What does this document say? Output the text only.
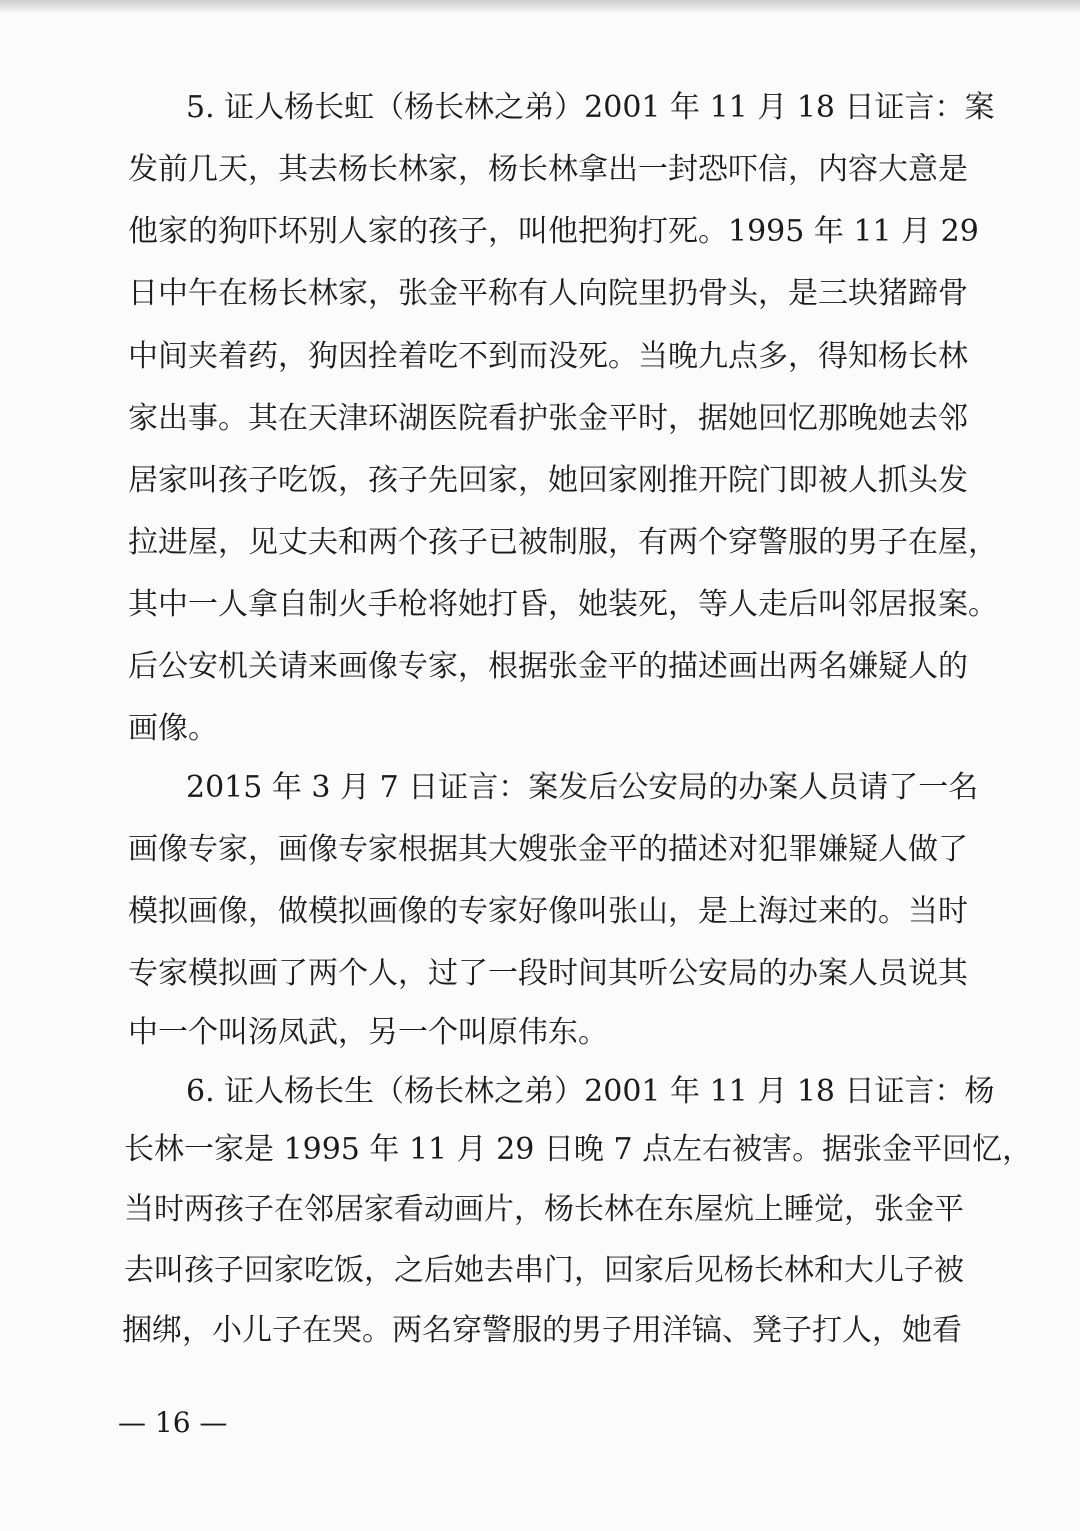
5. 证人杨长虹（杨长林之弟）2001 年 11 月 18 日证言：案

发前几天，其去杨长林家，杨长林拿出一封恐吓信，内容大意是

他家的狗吓坏别人家的孩子，叫他把狗打死。1995 年 11 月 29

日中午在杨长林家，张金平称有人向院里扔骨头，是三块猪蹄骨

中间夹着药，狗因拴着吃不到而没死。当晚九点多，得知杨长林

家出事。其在天津环湖医院看护张金平时，据她回忆那晚她去邻

居家叫孩子吃饭，孩子先回家，她回家刚推开院门即被人抓头发

拉进屋，见丈夫和两个孩子已被制服，有两个穿警服的男子在屋，

其中一人拿自制火手枪将她打昏，她装死，等人走后叫邻居报案。

后公安机关请来画像专家，根据张金平的描述画出两名嫌疑人的

画像。

2015 年 3 月 7 日证言：案发后公安局的办案人员请了一名

画像专家，画像专家根据其大嫂张金平的描述对犯罪嫌疑人做了

模拟画像，做模拟画像的专家好像叫张山，是上海过来的。当时

专家模拟画了两个人，过了一段时间其听公安局的办案人员说其

中一个叫汤凤武，另一个叫原伟东。

6. 证人杨长生（杨长林之弟）2001 年 11 月 18 日证言：杨

长林一家是 1995 年 11 月 29 日晚 7 点左右被害。据张金平回忆，

当时两孩子在邻居家看动画片，杨长林在东屋炕上睡觉，张金平

去叫孩子回家吃饭，之后她去串门，回家后见杨长林和大儿子被

捆绑，小儿子在哭。两名穿警服的男子用洋镐、凳子打人，她看

— 16 —
